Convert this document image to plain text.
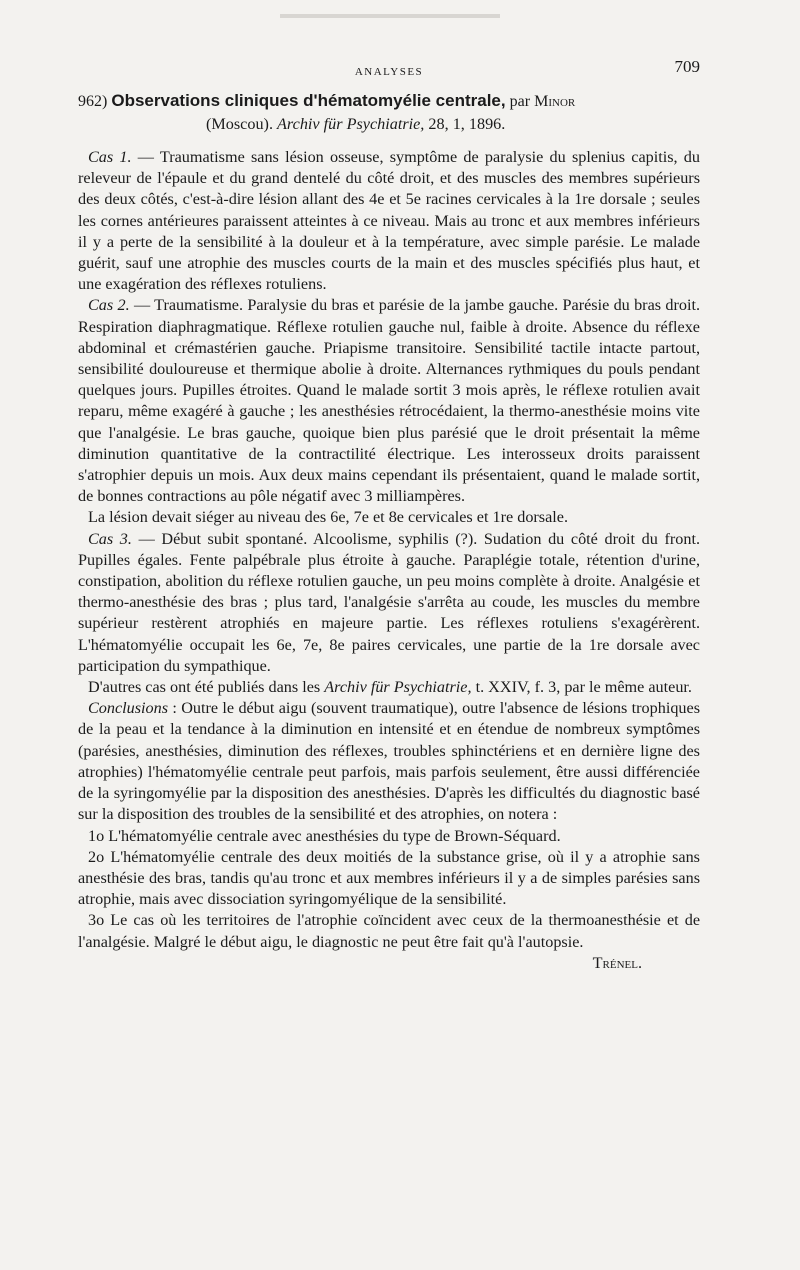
ANALYSES	709
962) Observations cliniques d'hématomyélie centrale, par Minor
(Moscou). Archiv für Psychiatrie, 28, 1, 1896.

Cas 1. — Traumatisme sans lésion osseuse, symptôme de paralysie du splenius capitis, du releveur de l'épaule et du grand dentelé du côté droit, et des muscles des membres supérieurs des deux côtés, c'est-à-dire lésion allant des 4e et 5e racines cervicales à la 1re dorsale ; seules les cornes antérieures paraissent atteintes à ce niveau. Mais au tronc et aux membres inférieurs il y a perte de la sensibilité à la douleur et à la température, avec simple parésie. Le malade guérit, sauf une atrophie des muscles courts de la main et des muscles spécifiés plus haut, et une exagération des réflexes rotuliens.

Cas 2. — Traumatisme. Paralysie du bras et parésie de la jambe gauche. Parésie du bras droit. Respiration diaphragmatique. Réflexe rotulien gauche nul, faible à droite. Absence du réflexe abdominal et crémastérien gauche. Priapisme transitoire. Sensibilité tactile intacte partout, sensibilité douloureuse et thermique abolie à droite. Alternances rythmiques du pouls pendant quelques jours. Pupilles étroites. Quand le malade sortit 3 mois après, le réflexe rotulien avait reparu, même exagéré à gauche ; les anesthésies rétrocédaient, la thermo-anesthésie moins vite que l'analgésie. Le bras gauche, quoique bien plus parésié que le droit présentait la même diminution quantitative de la contractilité électrique. Les interosseux droits paraissent s'atrophier depuis un mois. Aux deux mains cependant ils présentaient, quand le malade sortit, de bonnes contractions au pôle négatif avec 3 milliampères.

La lésion devait siéger au niveau des 6e, 7e et 8e cervicales et 1re dorsale.

Cas 3. — Début subit spontané. Alcoolisme, syphilis (?). Sudation du côté droit du front. Pupilles égales. Fente palpébrale plus étroite à gauche. Paraplégie totale, rétention d'urine, constipation, abolition du réflexe rotulien gauche, un peu moins complète à droite. Analgésie et thermo-anesthésie des bras ; plus tard, l'analgésie s'arrêta au coude, les muscles du membre supérieur restèrent atrophiés en majeure partie. Les réflexes rotuliens s'exagérèrent. L'hématomyélie occupait les 6e, 7e, 8e paires cervicales, une partie de la 1re dorsale avec participation du sympathique.

D'autres cas ont été publiés dans les Archiv für Psychiatrie, t. XXIV, f. 3, par le même auteur.

Conclusions : Outre le début aigu (souvent traumatique), outre l'absence de lésions trophiques de la peau et la tendance à la diminution en intensité et en étendue de nombreux symptômes (parésies, anesthésies, diminution des réflexes, troubles sphinctériens et en dernière ligne des atrophies) l'hématomyélie centrale peut parfois, mais parfois seulement, être aussi différenciée de la syringomyélie par la disposition des anesthésies. D'après les difficultés du diagnostic basé sur la disposition des troubles de la sensibilité et des atrophies, on notera :

1o L'hématomyélie centrale avec anesthésies du type de Brown-Séquard.

2o L'hématomyélie centrale des deux moitiés de la substance grise, où il y a atrophie sans anesthésie des bras, tandis qu'au tronc et aux membres inférieurs il y a de simples parésies sans atrophie, mais avec dissociation syringomyélique de la sensibilité.

3o Le cas où les territoires de l'atrophie coïncident avec ceux de la thermoanesthésie et de l'analgésie. Malgré le début aigu, le diagnostic ne peut être fait qu'à l'autopsie.
Trénel.
